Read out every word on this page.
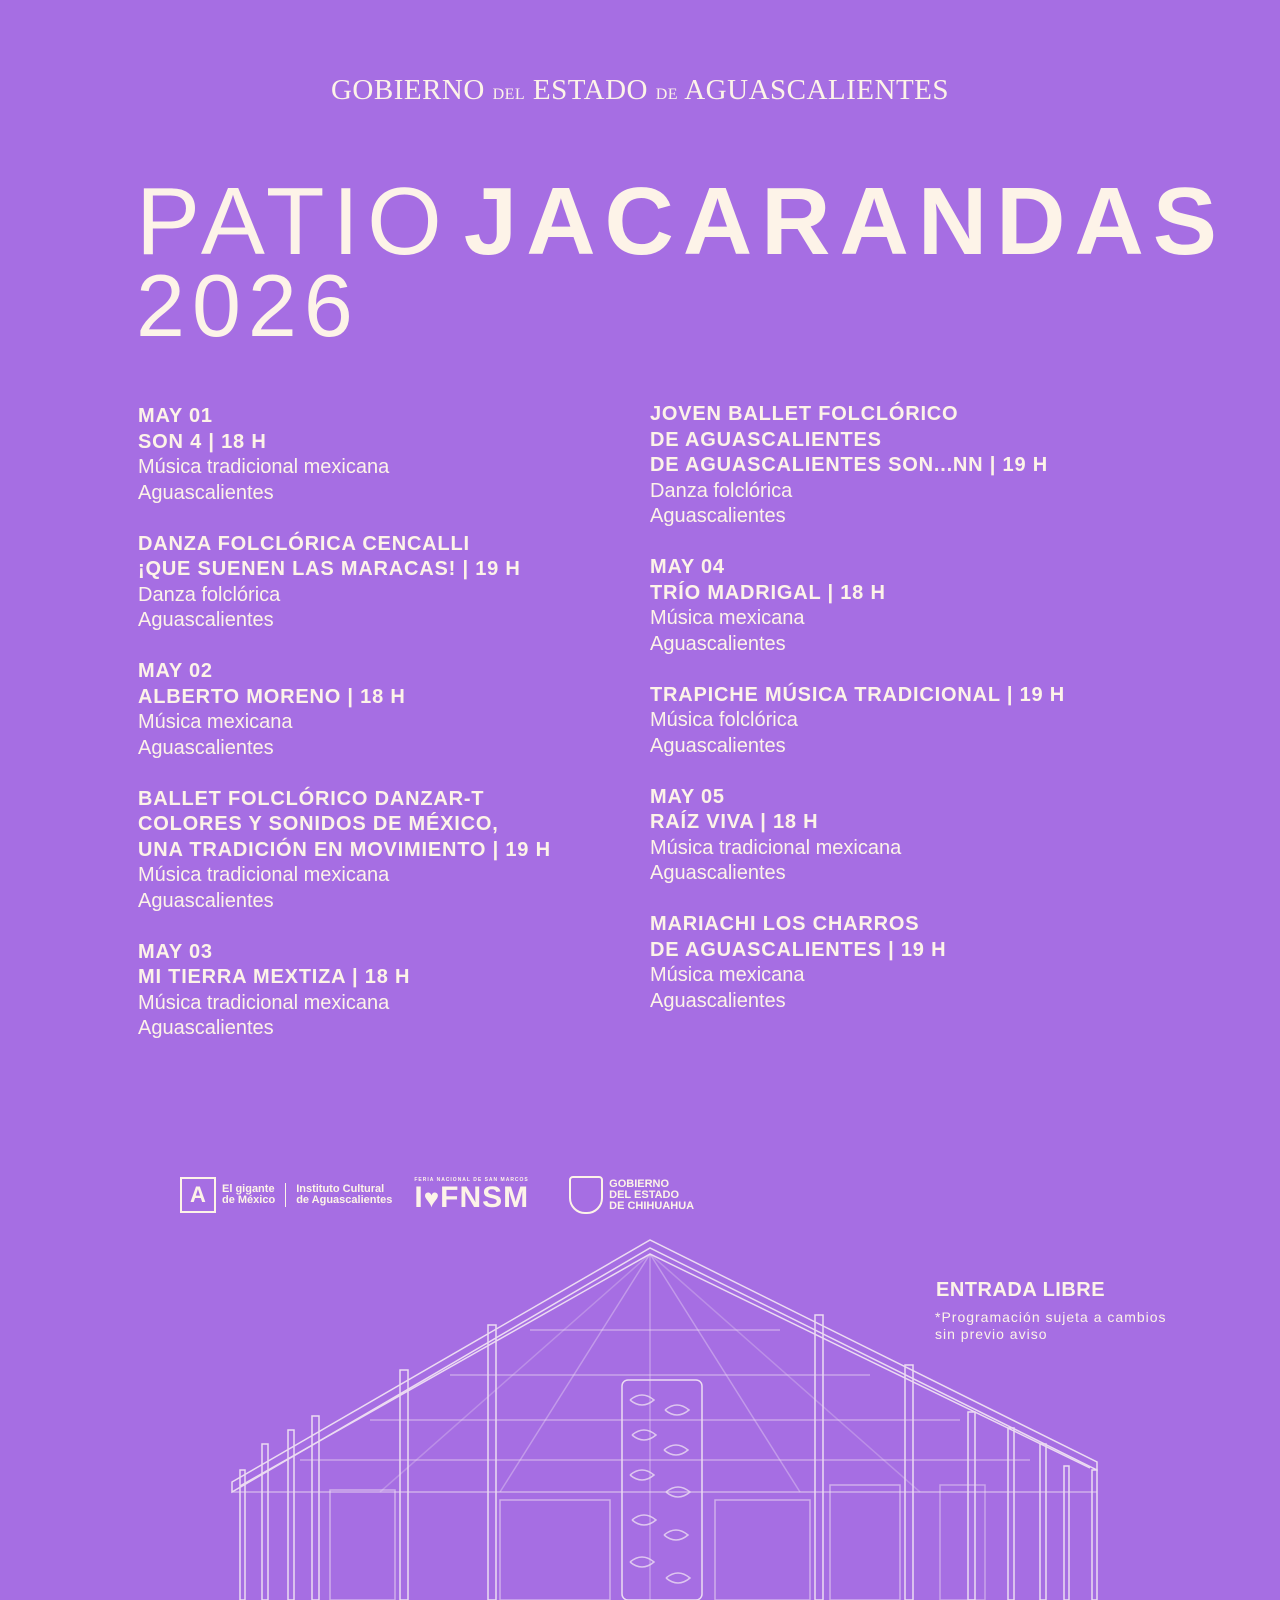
GOBIERNO DEL ESTADO DE AGUASCALIENTES
PATIO JACARANDAS
2026
MAY 01
SON 4 | 18 H
Música tradicional mexicana
Aguascalientes
DANZA FOLCLÓRICA CENCALLI
¡QUE SUENEN LAS MARACAS! | 19 H
Danza folclórica
Aguascalientes
MAY 02
ALBERTO MORENO | 18 H
Música mexicana
Aguascalientes
BALLET FOLCLÓRICO DANZAR-T
COLORES Y SONIDOS DE MÉXICO,
UNA TRADICIÓN EN MOVIMIENTO | 19 H
Música tradicional mexicana
Aguascalientes
MAY 03
MI TIERRA MEXTIZA | 18 H
Música tradicional mexicana
Aguascalientes
JOVEN BALLET FOLCLÓRICO
DE AGUASCALIENTES
DE AGUASCALIENTES SON...NN | 19 H
Danza folclórica
Aguascalientes
MAY 04
TRÍO MADRIGAL | 18 H
Música mexicana
Aguascalientes
TRAPICHE MÚSICA TRADICIONAL | 19 H
Música folclórica
Aguascalientes
MAY 05
RAÍZ VIVA | 18 H
Música tradicional mexicana
Aguascalientes
MARIACHI LOS CHARROS
DE AGUASCALIENTES | 19 H
Música mexicana
Aguascalientes
A	El gigante
de México
Instituto Cultural
de Aguascalientes
FERIA NACIONAL DE SAN MARCOS
I♥FNSM	GOBIERNO
DEL ESTADO
DE CHIHUAHUA
ENTRADA LIBRE
*Programación sujeta a cambios
sin previo aviso
